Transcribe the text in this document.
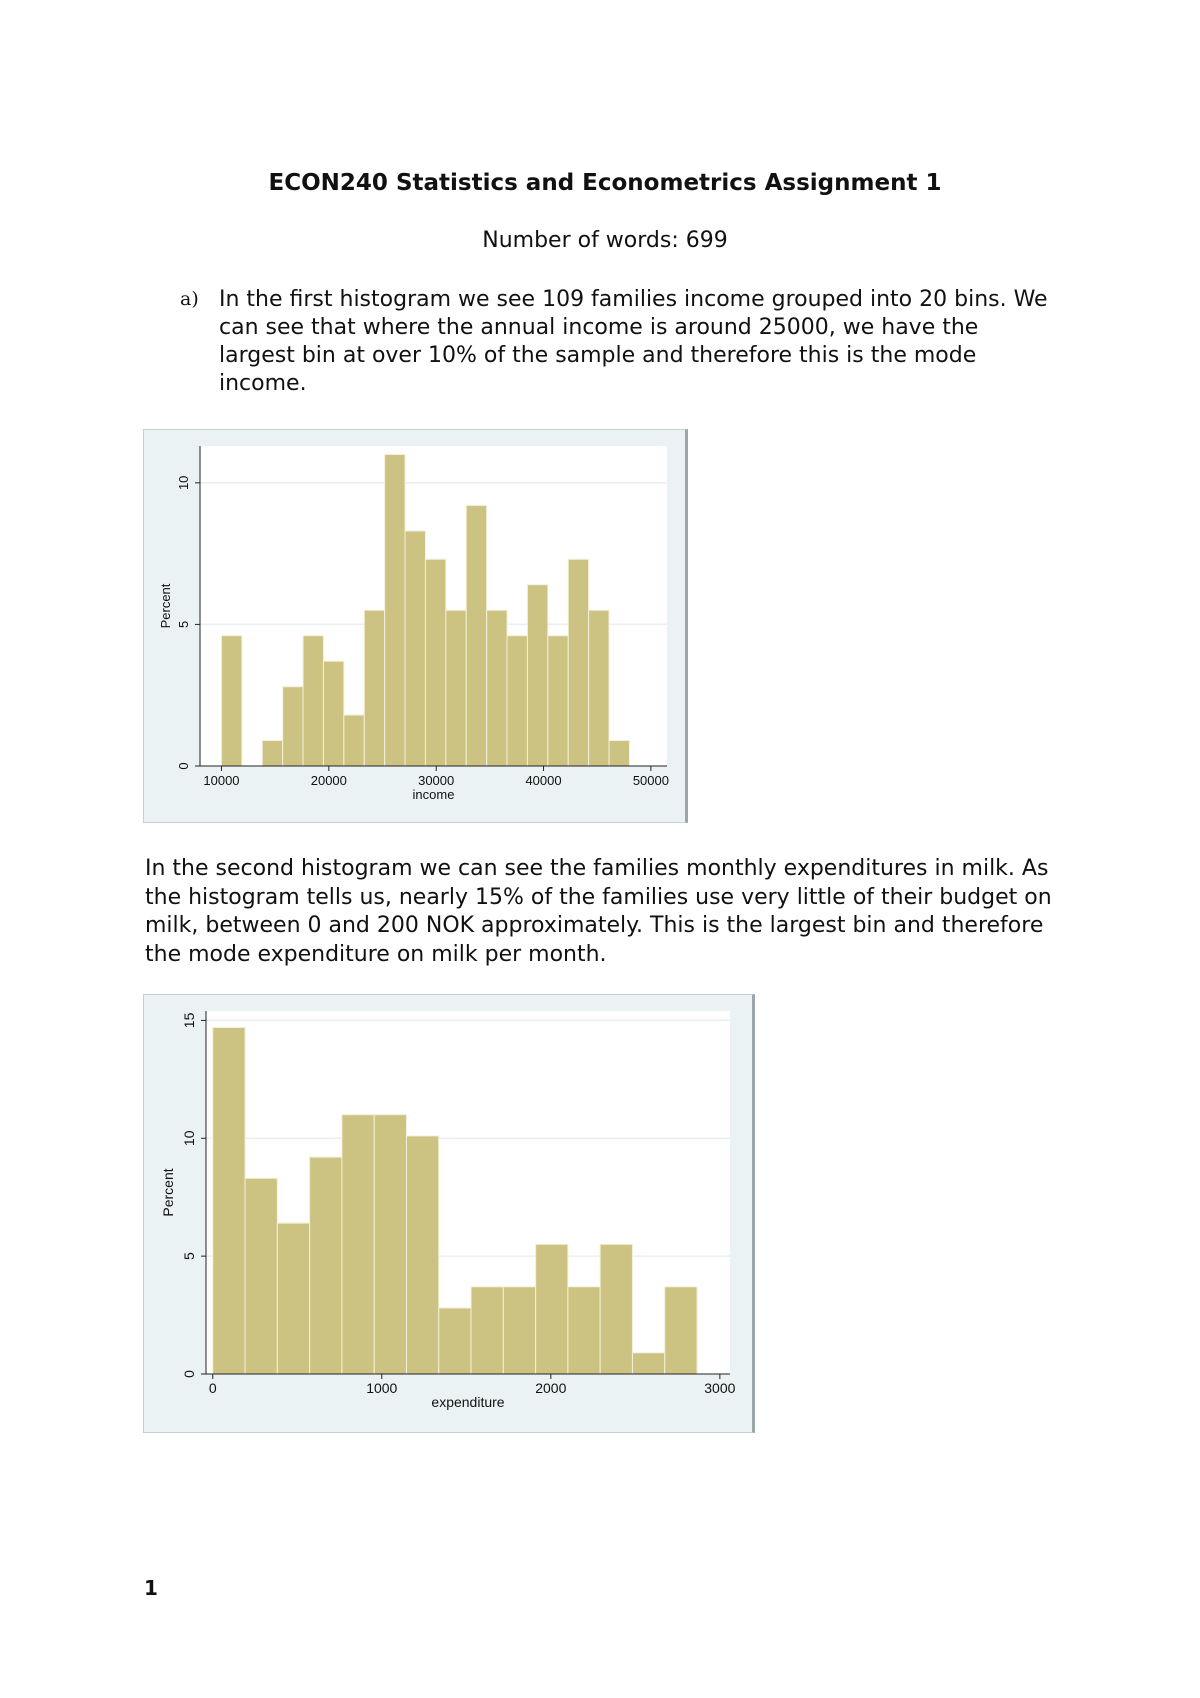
ECON240 Statistics and Econometrics Assignment 1
Number of words: 699
a) In the first histogram we see 109 families income grouped into 20 bins. We can see that where the annual income is around 25000, we have the largest bin at over 10% of the sample and therefore this is the mode income.
10000	20000	30000	40000	50000
0
5
10
income
Percent
In the second histogram we can see the families monthly expenditures in milk. As the histogram tells us, nearly 15% of the families use very little of their budget on milk, between 0 and 200 NOK approximately. This is the largest bin and therefore the mode expenditure on milk per month.
0	1000	2000	3000
0
5
10
15
expenditure
Percent
1
